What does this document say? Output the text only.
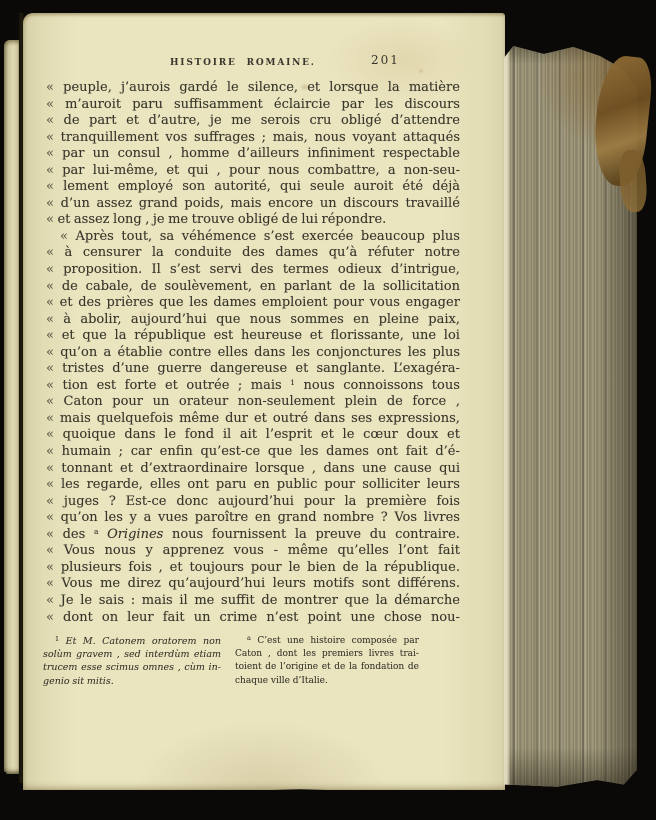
HISTOIRE ROMAINE.	201
« peuple, j’aurois gardé le silence, et lorsque la matière
« m’auroit paru suffisamment éclaircie par les discours
« de part et d’autre, je me serois cru obligé d’attendre
« tranquillement vos suffrages ; mais, nous voyant attaqués
« par un consul , homme d’ailleurs infiniment respectable
« par lui-même, et qui , pour nous combattre, a non-seu-
« lement employé son autorité, qui seule auroit été déjà
« d’un assez grand poids, mais encore un discours travaillé
« et assez long , je me trouve obligé de lui répondre.
« Après tout, sa véhémence s’est exercée beaucoup plus
« à censurer la conduite des dames qu’à réfuter notre
« proposition. Il s’est servi des termes odieux d’intrigue,
« de cabale, de soulèvement, en parlant de la sollicitation
« et des prières que les dames emploient pour vous engager
« à abolir, aujourd’hui que nous sommes en pleine paix,
« et que la république est heureuse et florissante, une loi
« qu’on a établie contre elles dans les conjonctures les plus
« tristes d’une guerre dangereuse et sanglante. L’exagéra-
« tion est forte et outrée ; mais 1 nous connoissons tous
« Caton pour un orateur non-seulement plein de force ,
« mais quelquefois même dur et outré dans ses expressions,
« quoique dans le fond il ait l’esprit et le cœur doux et
« humain ; car enfin qu’est-ce que les dames ont fait d’é-
« tonnant et d’extraordinaire lorsque , dans une cause qui
« les regarde, elles ont paru en public pour solliciter leurs
« juges ? Est-ce donc aujourd’hui pour la première fois
« qu’on les y a vues paroître en grand nombre ? Vos livres
« des a Origines nous fournissent la preuve du contraire.
« Vous nous y apprenez vous - même qu’elles l’ont fait
« plusieurs fois , et toujours pour le bien de la république.
« Vous me direz qu’aujourd’hui leurs motifs sont différens.
« Je le sais : mais il me suffit de montrer que la démarche
« dont on leur fait un crime n’est point une chose nou-
1 Et M. Catonem oratorem non
solùm gravem , sed interdùm etiam
trucem esse scimus omnes , cùm in-
genio sit mitis.
a C’est une histoire composée par
Caton , dont les premiers livres trai-
toient de l’origine et de la fondation de
chaque ville d’Italie.
